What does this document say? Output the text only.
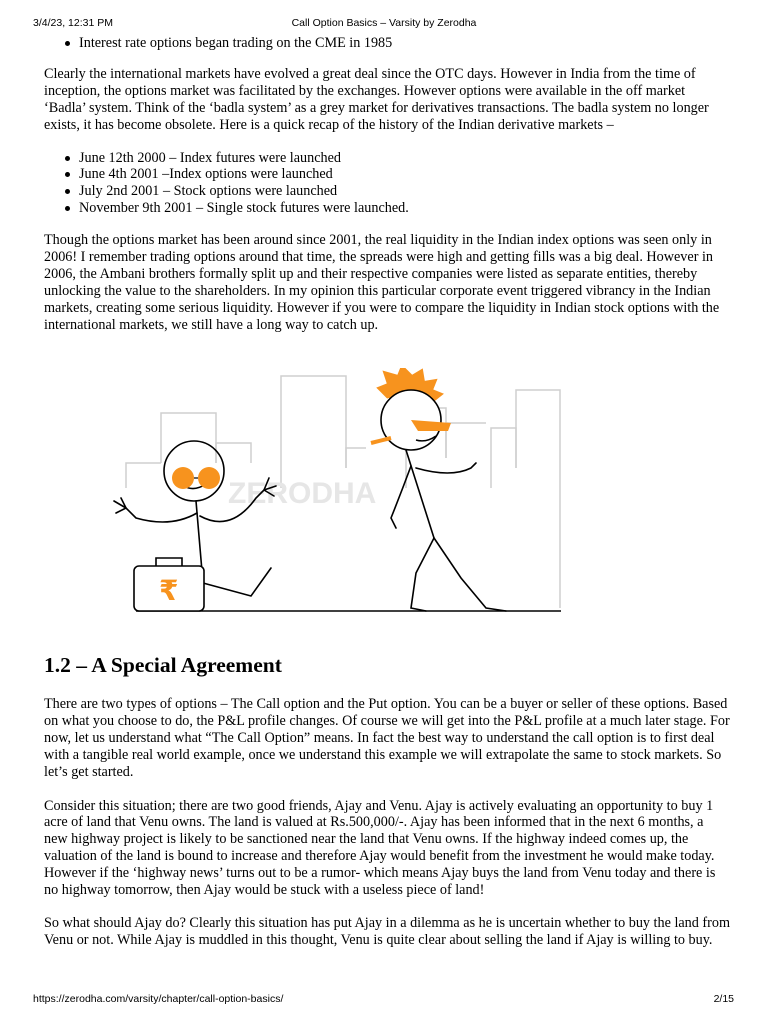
3/4/23, 12:31 PM	Call Option Basics – Varsity by Zerodha
Interest rate options began trading on the CME in 1985

Clearly the international markets have evolved a great deal since the OTC days. However in India from the time of inception, the options market was facilitated by the exchanges. However options were available in the off market ‘Badla’ system. Think of the ‘badla system’ as a grey market for derivatives transactions. The badla system no longer exists, it has become obsolete. Here is a quick recap of the history of the Indian derivative markets –

June 12th 2000 – Index futures were launched
June 4th 2001 –Index options were launched
July 2nd 2001 – Stock options were launched
November 9th 2001 – Single stock futures were launched.

Though the options market has been around since 2001, the real liquidity in the Indian index options was seen only in 2006! I remember trading options around that time, the spreads were high and getting fills was a big deal. However in 2006, the Ambani brothers formally split up and their respective companies were listed as separate entities, thereby unlocking the value to the shareholders. In my opinion this particular corporate event triggered vibrancy in the Indian markets, creating some serious liquidity. However if you were to compare the liquidity in Indian stock options with the international markets, we still have a long way to catch up.

ZERODHA
₹
1.2 – A Special Agreement

There are two types of options – The Call option and the Put option. You can be a buyer or seller of these options. Based on what you choose to do, the P&L profile changes. Of course we will get into the P&L profile at a much later stage. For now, let us understand what “The Call Option” means. In fact the best way to understand the call option is to first deal with a tangible real world example, once we understand this example we will extrapolate the same to stock markets. So let’s get started.

Consider this situation; there are two good friends, Ajay and Venu. Ajay is actively evaluating an opportunity to buy 1 acre of land that Venu owns. The land is valued at Rs.500,000/-. Ajay has been informed that in the next 6 months, a new highway project is likely to be sanctioned near the land that Venu owns. If the highway indeed comes up, the valuation of the land is bound to increase and therefore Ajay would benefit from the investment he would make today. However if the ‘highway news’ turns out to be a rumor- which means Ajay buys the land from Venu today and there is no highway tomorrow, then Ajay would be stuck with a useless piece of land!

So what should Ajay do? Clearly this situation has put Ajay in a dilemma as he is uncertain whether to buy the land from Venu or not. While Ajay is muddled in this thought, Venu is quite clear about selling the land if Ajay is willing to buy.

https://zerodha.com/varsity/chapter/call-option-basics/	2/15
